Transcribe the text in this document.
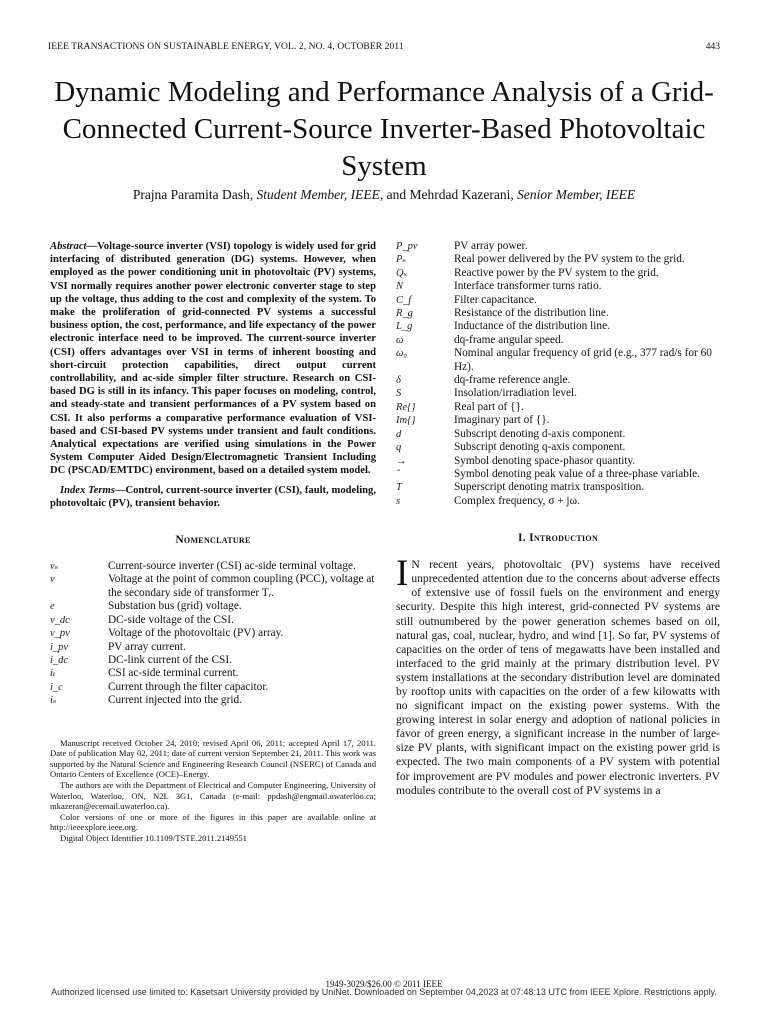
IEEE TRANSACTIONS ON SUSTAINABLE ENERGY, VOL. 2, NO. 4, OCTOBER 2011	443
Dynamic Modeling and Performance Analysis of a Grid-Connected Current-Source Inverter-Based Photovoltaic System
Prajna Paramita Dash, Student Member, IEEE, and Mehrdad Kazerani, Senior Member, IEEE

Abstract—Voltage-source inverter (VSI) topology is widely used for grid interfacing of distributed generation (DG) systems. However, when employed as the power conditioning unit in photovoltaic (PV) systems, VSI normally requires another power electronic converter stage to step up the voltage, thus adding to the cost and complexity of the system. To make the proliferation of grid-connected PV systems a successful business option, the cost, performance, and life expectancy of the power electronic interface need to be improved. The current-source inverter (CSI) offers advantages over VSI in terms of inherent boosting and short-circuit protection capabilities, direct output current controllability, and ac-side simpler filter structure. Research on CSI-based DG is still in its infancy. This paper focuses on modeling, control, and steady-state and transient performances of a PV system based on CSI. It also performs a comparative performance evaluation of VSI-based and CSI-based PV systems under transient and fault conditions. Analytical expectations are verified using simulations in the Power System Computer Aided Design/Electromagnetic Transient Including DC (PSCAD/EMTDC) environment, based on a detailed system model.

Index Terms—Control, current-source inverter (CSI), fault, modeling, photovoltaic (PV), transient behavior.

Nomenclature
vₛ	Current-source inverter (CSI) ac-side terminal voltage.
v	Voltage at the point of common coupling (PCC), voltage at the secondary side of transformer Tᵣ.
e	Substation bus (grid) voltage.
v_dc	DC-side voltage of the CSI.
v_pv	Voltage of the photovoltaic (PV) array.
i_pv	PV array current.
i_dc	DC-link current of the CSI.
iₜ	CSI ac-side terminal current.
i_c	Current through the filter capacitor.
iₛ	Current injected into the grid.

Manuscript received October 24, 2010; revised April 06, 2011; accepted April 17, 2011. Date of publication May 02, 2011; date of current version September 21, 2011. This work was supported by the Natural Science and Engineering Research Council (NSERC) of Canada and Ontario Centers of Excellence (OCE)–Energy.

The authors are with the Department of Electrical and Computer Engineering, University of Waterloo, Waterloo, ON, N2L 3G1, Canada (e-mail: ppdash@engmail.uwaterloo.ca; mkazeran@ecemail.uwaterloo.ca).

Color versions of one or more of the figures in this paper are available online at http://ieeexplore.ieee.org.

Digital Object Identifier 10.1109/TSTE.2011.2149551

P_pv	PV array power.
Pₛ	Real power delivered by the PV system to the grid.
Qₛ	Reactive power by the PV system to the grid.
N	Interface transformer turns ratio.
C_f	Filter capacitance.
R_g	Resistance of the distribution line.
L_g	Inductance of the distribution line.
ω	dq-frame angular speed.
ω₀	Nominal angular frequency of grid (e.g., 377 rad/s for 60 Hz).
δ	dq-frame reference angle.
S	Insolation/irradiation level.
Re{}	Real part of {}.
Im{}	Imaginary part of {}.
d	Subscript denoting d-axis component.
q	Subscript denoting q-axis component.
→	Symbol denoting space-phasor quantity.
ˆ	Symbol denoting peak value of a three-phase variable.
T	Superscript denoting matrix transposition.
s	Complex frequency, σ + jω.
I. Introduction

I N recent years, photovoltaic (PV) systems have received unprecedented attention due to the concerns about adverse effects of extensive use of fossil fuels on the environment and energy security. Despite this high interest, grid-connected PV systems are still outnumbered by the power generation schemes based on oil, natural gas, coal, nuclear, hydro, and wind [1]. So far, PV systems of capacities on the order of tens of megawatts have been installed and interfaced to the grid mainly at the primary distribution level. PV system installations at the secondary distribution level are dominated by rooftop units with capacities on the order of a few kilowatts with no significant impact on the existing power systems. With the growing interest in solar energy and adoption of national policies in favor of green energy, a significant increase in the number of large-size PV plants, with significant impact on the existing power grid is expected. The two main components of a PV system with potential for improvement are PV modules and power electronic inverters. PV modules contribute to the overall cost of PV systems in a

1949-3029/$26.00 © 2011 IEEE
Authorized licensed use limited to: Kasetsart University provided by UniNet. Downloaded on September 04,2023 at 07:48:13 UTC from IEEE Xplore. Restrictions apply.
